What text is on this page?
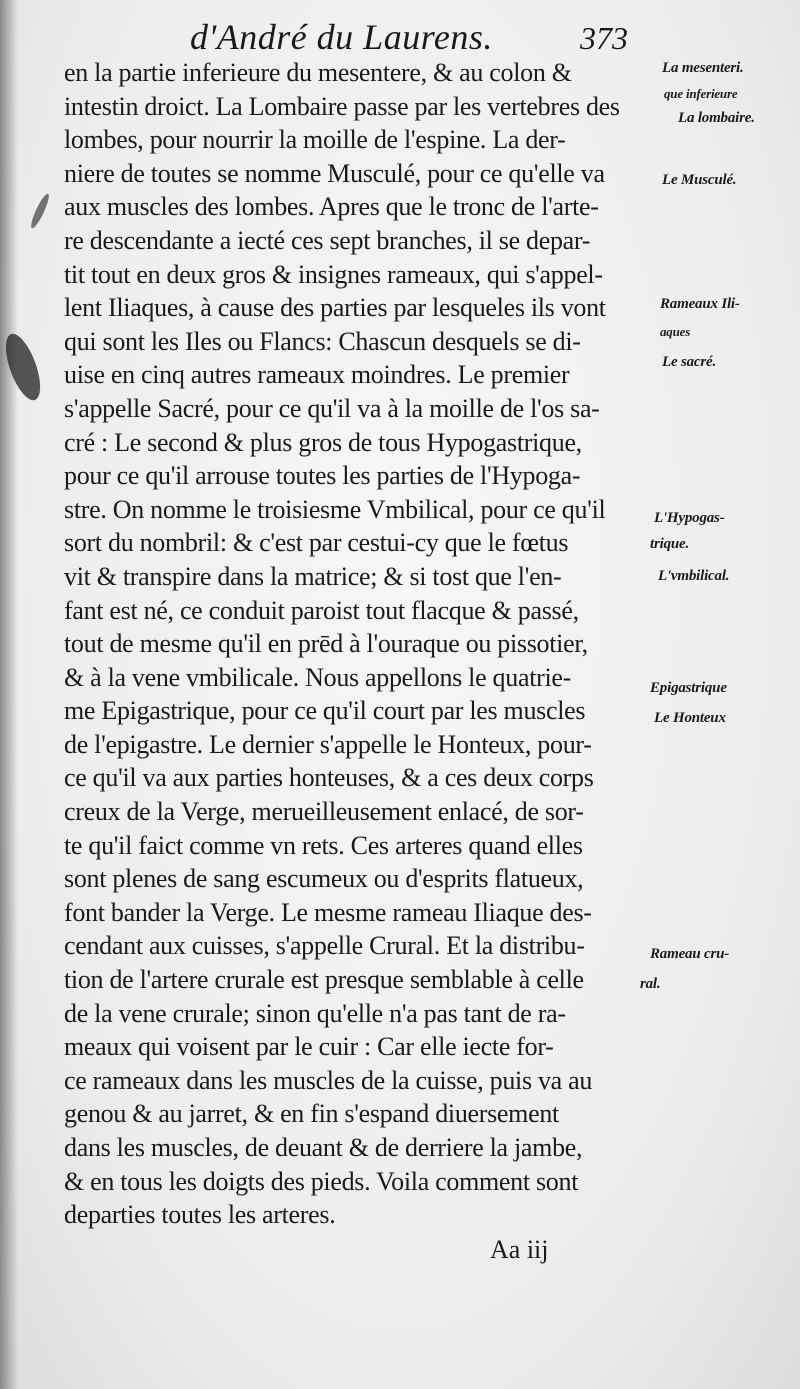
d'André du Laurens.	373
en la partie inferieure du mesentere, & au colon &
intestin droict. La Lombaire passe par les vertebres des
lombes, pour nourrir la moille de l'espine. La der-
niere de toutes se nomme Musculé, pour ce qu'elle va
aux muscles des lombes. Apres que le tronc de l'arte-
re descendante a iecté ces sept branches, il se depar-
tit tout en deux gros & insignes rameaux, qui s'appel-
lent Iliaques, à cause des parties par lesqueles ils vont
qui sont les Iles ou Flancs: Chascun desquels se di-
uise en cinq autres rameaux moindres. Le premier
s'appelle Sacré, pour ce qu'il va à la moille de l'os sa-
cré : Le second & plus gros de tous Hypogastrique,
pour ce qu'il arrouse toutes les parties de l'Hypoga-
stre. On nomme le troisiesme Vmbilical, pour ce qu'il
sort du nombril: & c'est par cestui-cy que le fœtus
vit & transpire dans la matrice; & si tost que l'en-
fant est né, ce conduit paroist tout flacque & passé,
tout de mesme qu'il en prēd à l'ouraque ou pissotier,
& à la vene vmbilicale. Nous appellons le quatrie-
me Epigastrique, pour ce qu'il court par les muscles
de l'epigastre. Le dernier s'appelle le Honteux, pour-
ce qu'il va aux parties honteuses, & a ces deux corps
creux de la Verge, merueilleusement enlacé, de sor-
te qu'il faict comme vn rets. Ces arteres quand elles
sont plenes de sang escumeux ou d'esprits flatueux,
font bander la Verge. Le mesme rameau Iliaque des-
cendant aux cuisses, s'appelle Crural. Et la distribu-
tion de l'artere crurale est presque semblable à celle
de la vene crurale; sinon qu'elle n'a pas tant de ra-
meaux qui voisent par le cuir : Car elle iecte for-
ce rameaux dans les muscles de la cuisse, puis va au
genou & au jarret, & en fin s'espand diuersement
dans les muscles, de deuant & de derriere la jambe,
& en tous les doigts des pieds. Voila comment sont
departies toutes les arteres.
La mesenteri.
que inferieure
La lombaire.
Le Musculé.
Rameaux Ili-
aques
Le sacré.
L'Hypogas-
trique.
L'vmbilical.
Epigastrique
Le Honteux
Rameau cru-
ral.
Aa iij
